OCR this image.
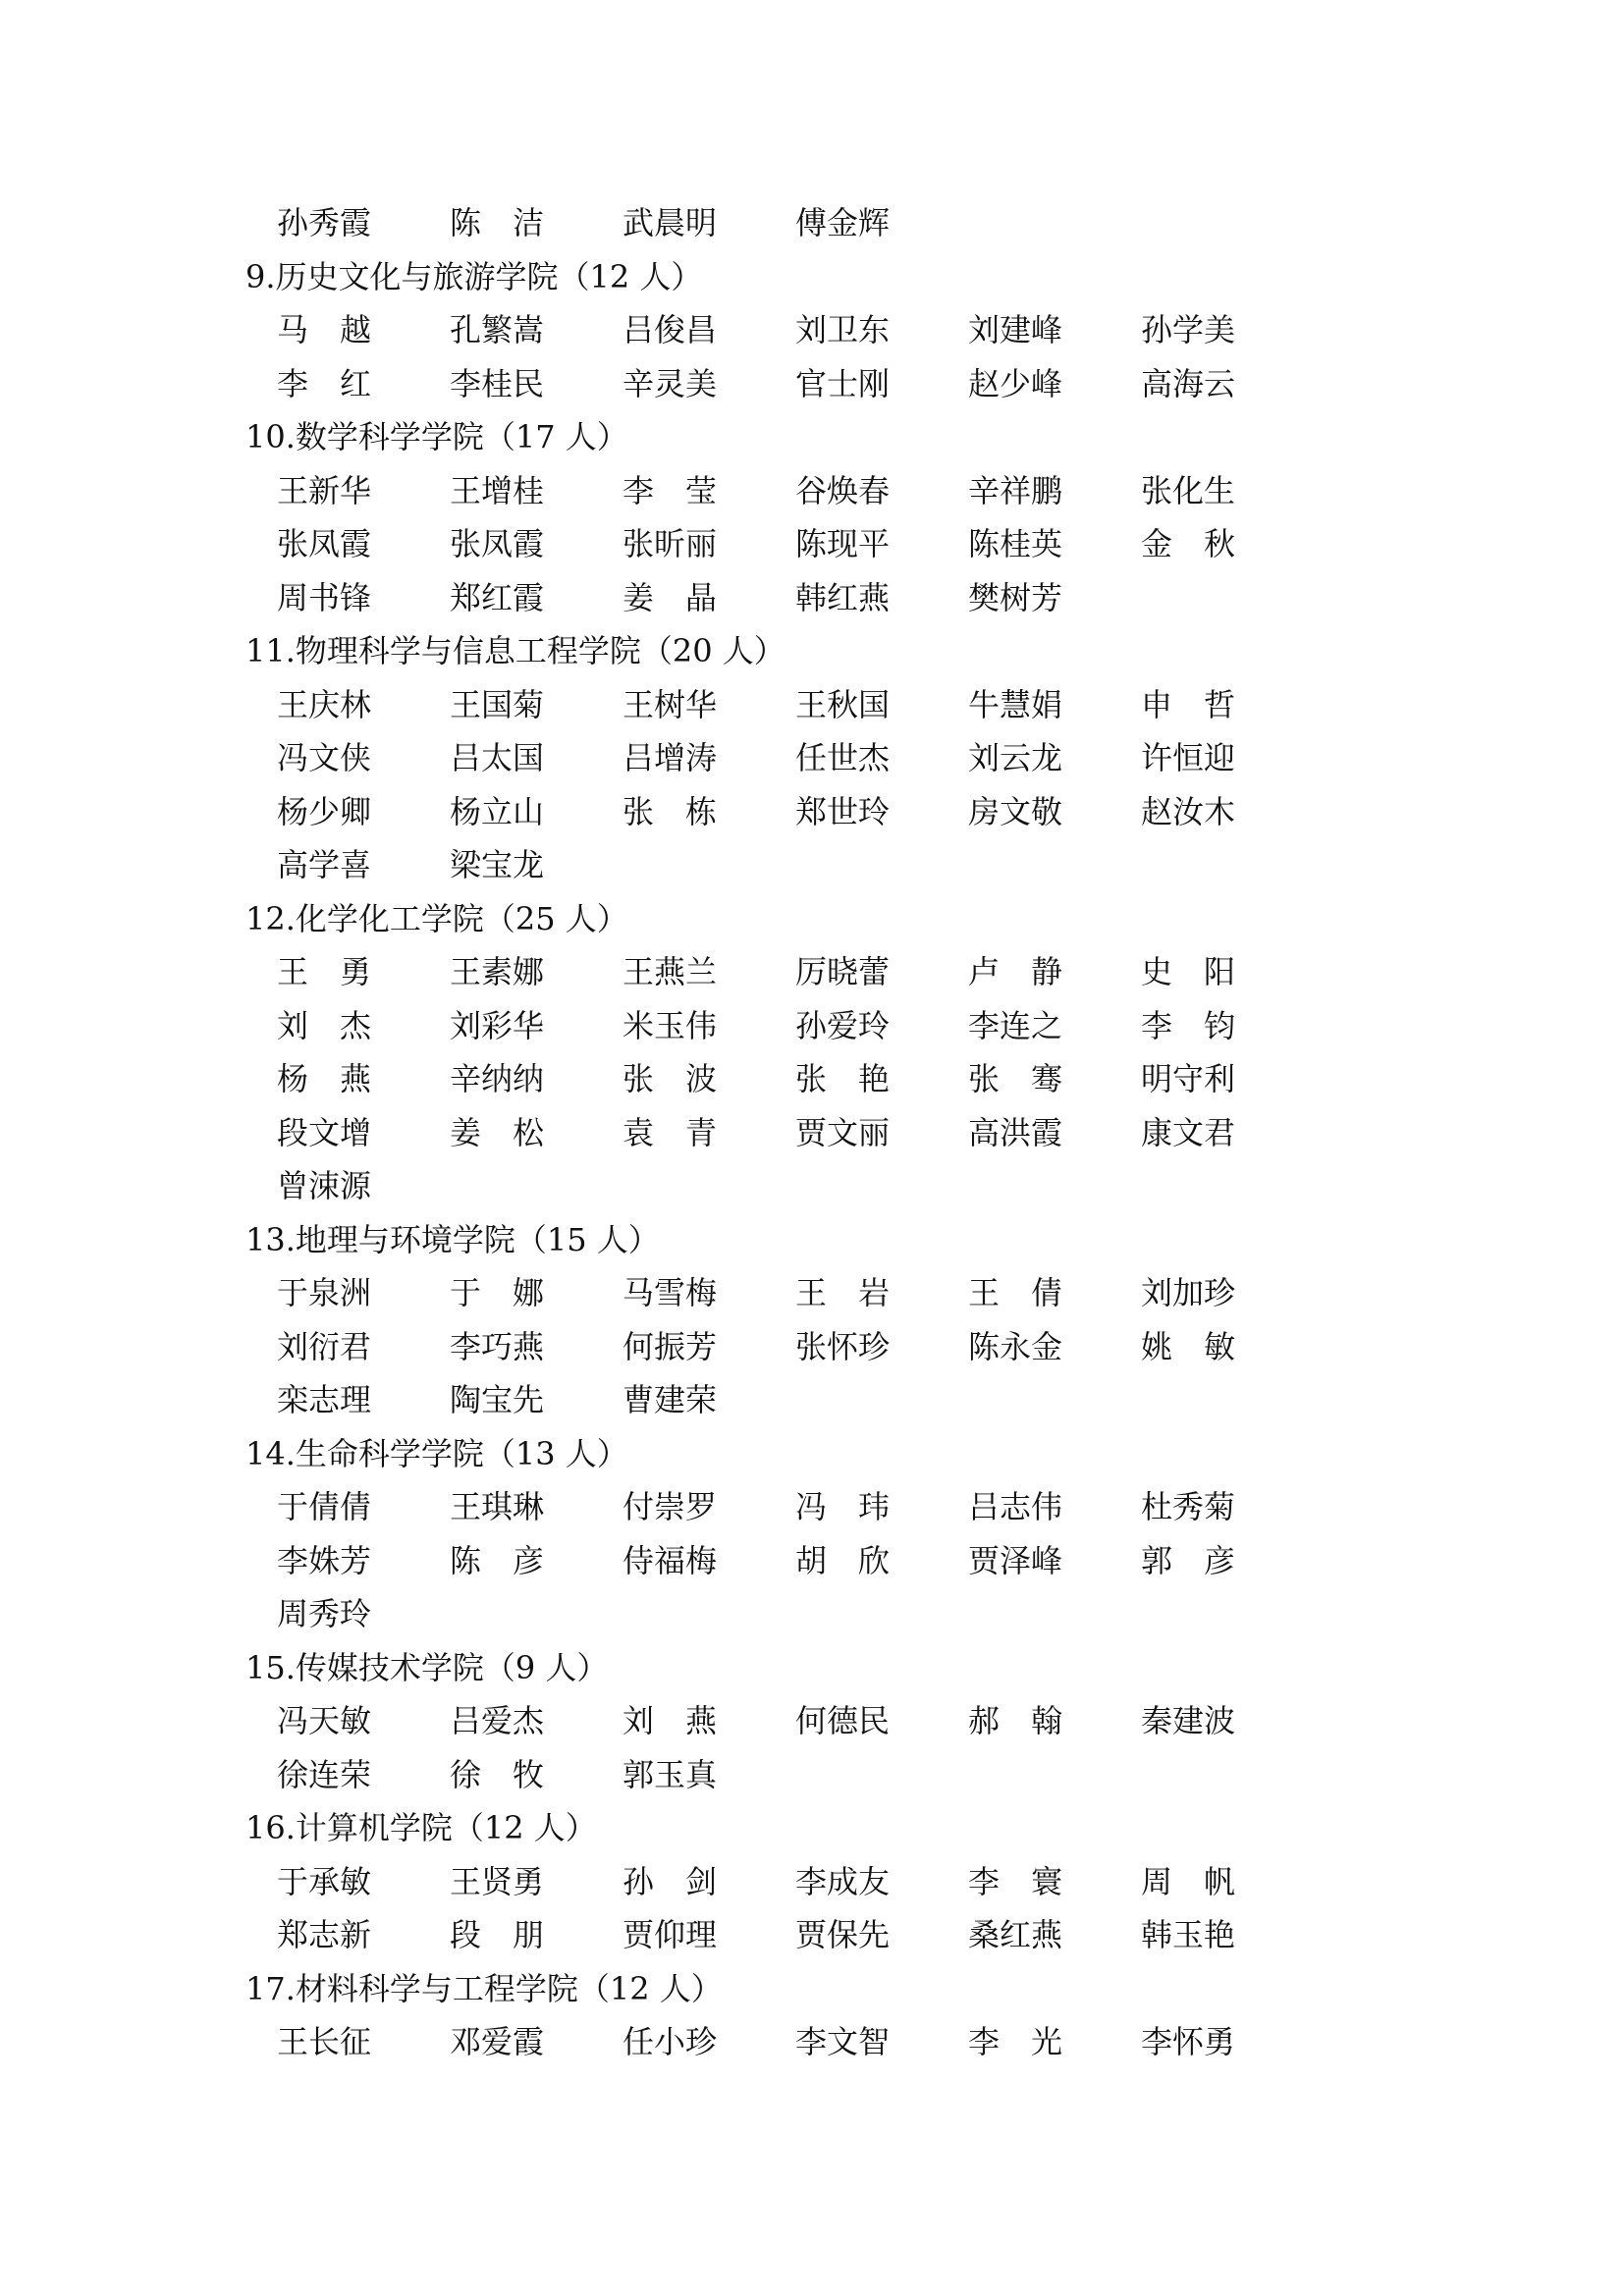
孙秀霞	陈　洁	武晨明	傅金辉
9.历史文化与旅游学院（12 人）
马　越	孔繁嵩	吕俊昌	刘卫东	刘建峰	孙学美
李　红	李桂民	辛灵美	官士刚	赵少峰	高海云
10.数学科学学院（17 人）
王新华	王增桂	李　莹	谷焕春	辛祥鹏	张化生
张凤霞	张凤霞	张昕丽	陈现平	陈桂英	金　秋
周书锋	郑红霞	姜　晶	韩红燕	樊树芳
11.物理科学与信息工程学院（20 人）
王庆林	王国菊	王树华	王秋国	牛慧娟	申　哲
冯文侠	吕太国	吕增涛	任世杰	刘云龙	许恒迎
杨少卿	杨立山	张　栋	郑世玲	房文敬	赵汝木
高学喜	梁宝龙
12.化学化工学院（25 人）
王　勇	王素娜	王燕兰	厉晓蕾	卢　静	史　阳
刘　杰	刘彩华	米玉伟	孙爱玲	李连之	李　钧
杨　燕	辛纳纳	张　波	张　艳	张　骞	明守利
段文增	姜　松	袁　青	贾文丽	高洪霞	康文君
曾涑源
13.地理与环境学院（15 人）
于泉洲	于　娜	马雪梅	王　岩	王　倩	刘加珍
刘衍君	李巧燕	何振芳	张怀珍	陈永金	姚　敏
栾志理	陶宝先	曹建荣
14.生命科学学院（13 人）
于倩倩	王琪琳	付崇罗	冯　玮	吕志伟	杜秀菊
李姝芳	陈　彦	侍福梅	胡　欣	贾泽峰	郭　彦
周秀玲
15.传媒技术学院（9 人）
冯天敏	吕爱杰	刘　燕	何德民	郝　翰	秦建波
徐连荣	徐　牧	郭玉真
16.计算机学院（12 人）
于承敏	王贤勇	孙　剑	李成友	李　寰	周　帆
郑志新	段　朋	贾仰理	贾保先	桑红燕	韩玉艳
17.材料科学与工程学院（12 人）
王长征	邓爱霞	任小珍	李文智	李　光	李怀勇
